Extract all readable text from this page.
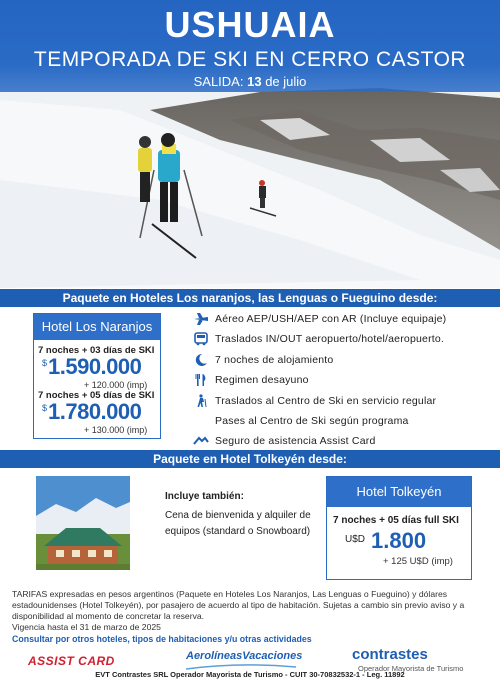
USHUAIA
TEMPORADA DE SKI EN CERRO CASTOR
SALIDA: 13 de julio
Paquete en Hoteles Los naranjos, las Lenguas o Fueguino desde:
Hotel Los Naranjos
7 noches + 03 días de SKI
$ 1.590.000
+ 120.000 (imp)
7 noches + 05 días de SKI
$ 1.780.000
+ 130.000 (imp)
Aéreo AEP/USH/AEP con AR (Incluye equipaje)
Traslados IN/OUT aeropuerto/hotel/aeropuerto.
7 noches de alojamiento
Regimen desayuno
Traslados al Centro de Ski en servicio regular
Pases al Centro de Ski según programa
Seguro de asistencia Assist Card
Paquete en Hotel Tolkeyén desde:
Incluye también:
Cena de bienvenida y alquiler de equipos (standard o Snowboard)
Hotel Tolkeyén
7 noches + 05 días full SKI
U$D 1.800
+ 125 U$D (imp)
TARIFAS expresadas en pesos argentinos (Paquete en Hoteles Los Naranjos, Las Lenguas o Fueguino) y dólares estadounidenses (Hotel Tolkeyén), por pasajero de acuerdo al tipo de habitación. Sujetas a cambio sin previo aviso y a disponibilidad al momento de concretar la reserva.
Vigencia hasta el 31 de marzo de 2025
Consultar por otros hoteles, tipos de habitaciones y/u otras actividades
ASSIST CARD	AerolíneasVacaciones	contrastes
Operador Mayorista de Turismo
EVT Contrastes SRL Operador Mayorista de Turismo - CUIT 30-70832532-1 - Leg. 11892
